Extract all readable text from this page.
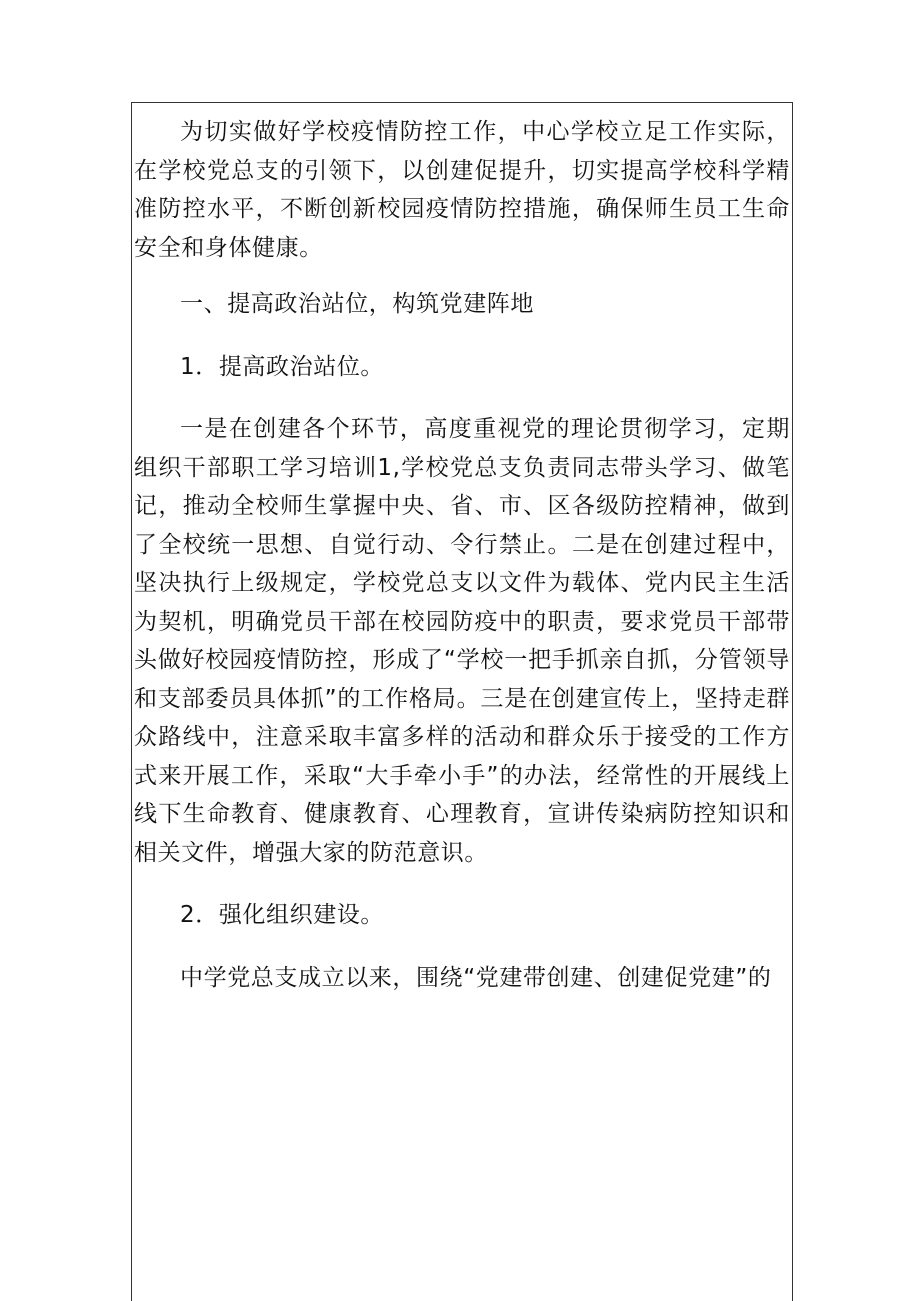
为切实做好学校疫情防控工作，中心学校立足工作实际，在学校党总支的引领下，以创建促提升，切实提高学校科学精准防控水平，不断创新校园疫情防控措施，确保师生员工生命安全和身体健康。

一、提高政治站位，构筑党建阵地

1．提高政治站位。

一是在创建各个环节，高度重视党的理论贯彻学习，定期组织干部职工学习培训1,学校党总支负责同志带头学习、做笔记，推动全校师生掌握中央、省、市、区各级防控精神，做到了全校统一思想、自觉行动、令行禁止。二是在创建过程中，坚决执行上级规定，学校党总支以文件为载体、党内民主生活为契机，明确党员干部在校园防疫中的职责，要求党员干部带头做好校园疫情防控，形成了“学校一把手抓亲自抓，分管领导和支部委员具体抓”的工作格局。三是在创建宣传上，坚持走群众路线中，注意采取丰富多样的活动和群众乐于接受的工作方式来开展工作，采取“大手牵小手”的办法，经常性的开展线上线下生命教育、健康教育、心理教育，宣讲传染病防控知识和相关文件，增强大家的防范意识。

2．强化组织建设。

中学党总支成立以来，围绕“党建带创建、创建促党建”的
